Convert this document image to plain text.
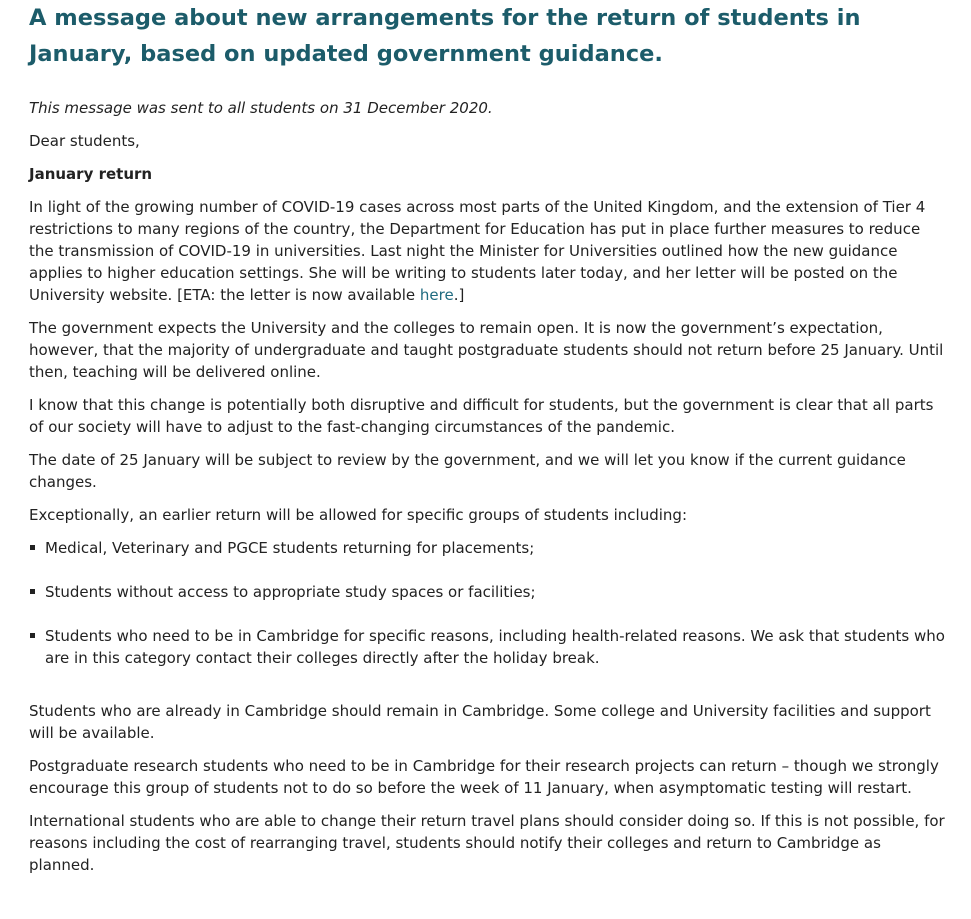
A message about new arrangements for the return of students in January, based on updated government guidance.

This message was sent to all students on 31 December 2020.

Dear students,

January return

In light of the growing number of COVID-19 cases across most parts of the United Kingdom, and the extension of Tier 4 restrictions to many regions of the country, the Department for Education has put in place further measures to reduce the transmission of COVID-19 in universities. Last night the Minister for Universities outlined how the new guidance applies to higher education settings. She will be writing to students later today, and her letter will be posted on the University website. [ETA: the letter is now available here.]

The government expects the University and the colleges to remain open. It is now the government’s expectation, however, that the majority of undergraduate and taught postgraduate students should not return before 25 January. Until then, teaching will be delivered online.

I know that this change is potentially both disruptive and difficult for students, but the government is clear that all parts of our society will have to adjust to the fast-changing circumstances of the pandemic.

The date of 25 January will be subject to review by the government, and we will let you know if the current guidance changes.

Exceptionally, an earlier return will be allowed for specific groups of students including:

Medical, Veterinary and PGCE students returning for placements;
Students without access to appropriate study spaces or facilities;
Students who need to be in Cambridge for specific reasons, including health-related reasons. We ask that students who are in this category contact their colleges directly after the holiday break.

Students who are already in Cambridge should remain in Cambridge. Some college and University facilities and support will be available.

Postgraduate research students who need to be in Cambridge for their research projects can return – though we strongly encourage this group of students not to do so before the week of 11 January, when asymptomatic testing will restart.

International students who are able to change their return travel plans should consider doing so. If this is not possible, for reasons including the cost of rearranging travel, students should notify their colleges and return to Cambridge as planned.
